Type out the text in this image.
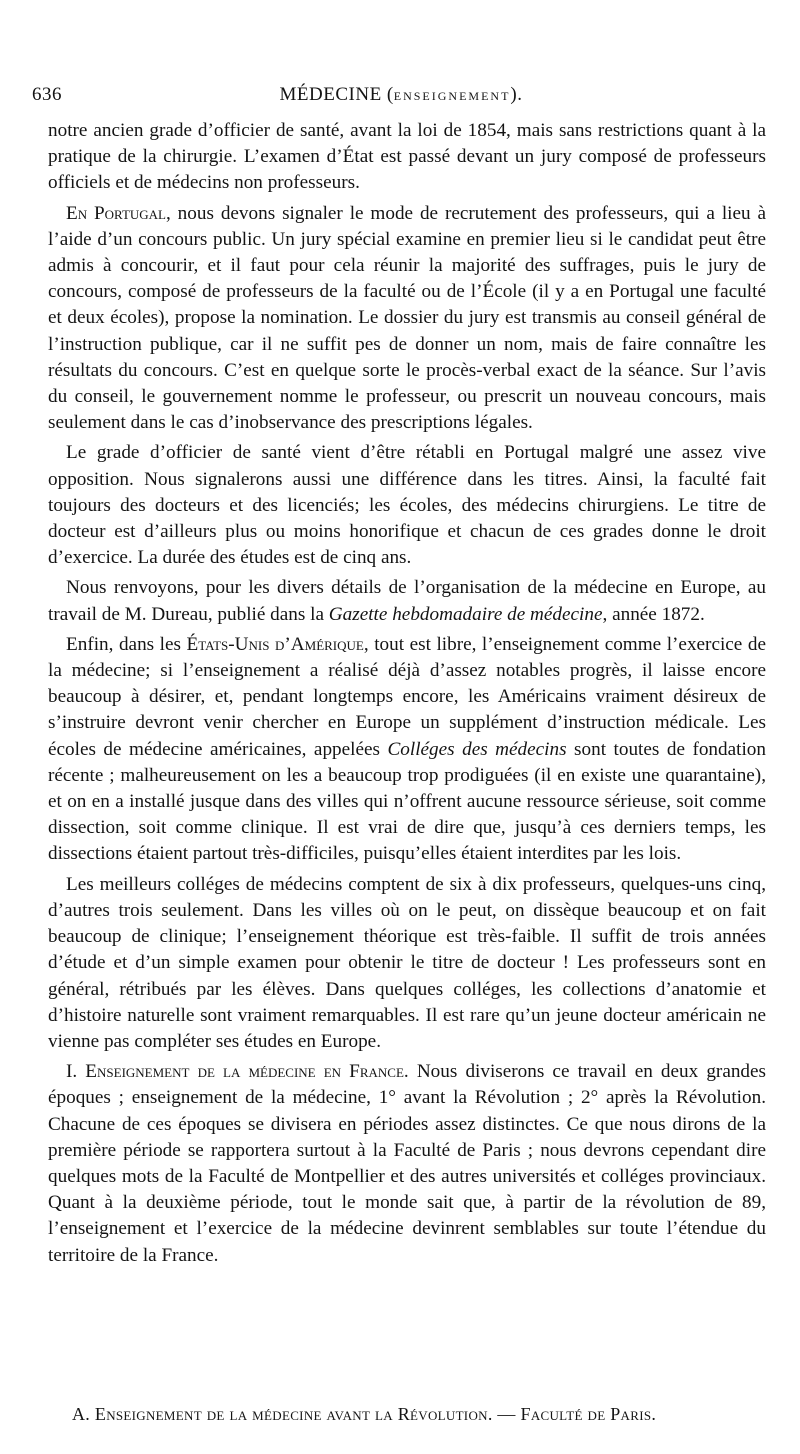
636	MÉDECINE (ENSEIGNEMENT).

notre ancien grade d’officier de santé, avant la loi de 1854, mais sans restrictions quant à la pratique de la chirurgie. L’examen d’État est passé devant un jury composé de professeurs officiels et de médecins non professeurs.

En Portugal, nous devons signaler le mode de recrutement des professeurs, qui a lieu à l’aide d’un concours public. Un jury spécial examine en premier lieu si le candidat peut être admis à concourir, et il faut pour cela réunir la majorité des suffrages, puis le jury de concours, composé de professeurs de la faculté ou de l’École (il y a en Portugal une faculté et deux écoles), propose la nomination. Le dossier du jury est transmis au conseil général de l’instruction publique, car il ne suffit pes de donner un nom, mais de faire connaître les résultats du concours. C’est en quelque sorte le procès-verbal exact de la séance. Sur l’avis du conseil, le gouvernement nomme le professeur, ou prescrit un nouveau concours, mais seulement dans le cas d’inobservance des prescriptions légales.

Le grade d’officier de santé vient d’être rétabli en Portugal malgré une assez vive opposition. Nous signalerons aussi une différence dans les titres. Ainsi, la faculté fait toujours des docteurs et des licenciés; les écoles, des médecins chirurgiens. Le titre de docteur est d’ailleurs plus ou moins honorifique et chacun de ces grades donne le droit d’exercice. La durée des études est de cinq ans.

Nous renvoyons, pour les divers détails de l’organisation de la médecine en Europe, au travail de M. Dureau, publié dans la Gazette hebdomadaire de médecine, année 1872.

Enfin, dans les États-Unis d’Amérique, tout est libre, l’enseignement comme l’exercice de la médecine; si l’enseignement a réalisé déjà d’assez notables progrès, il laisse encore beaucoup à désirer, et, pendant longtemps encore, les Américains vraiment désireux de s’instruire devront venir chercher en Europe un supplément d’instruction médicale. Les écoles de médecine américaines, appelées Colléges des médecins sont toutes de fondation récente ; malheureusement on les a beaucoup trop prodiguées (il en existe une quarantaine), et on en a installé jusque dans des villes qui n’offrent aucune ressource sérieuse, soit comme dissection, soit comme clinique. Il est vrai de dire que, jusqu’à ces derniers temps, les dissections étaient partout très-difficiles, puisqu’elles étaient interdites par les lois.

Les meilleurs colléges de médecins comptent de six à dix professeurs, quelques-uns cinq, d’autres trois seulement. Dans les villes où on le peut, on dissèque beaucoup et on fait beaucoup de clinique; l’enseignement théorique est très-faible. Il suffit de trois années d’étude et d’un simple examen pour obtenir le titre de docteur ! Les professeurs sont en général, rétribués par les élèves. Dans quelques colléges, les collections d’anatomie et d’histoire naturelle sont vraiment remarquables. Il est rare qu’un jeune docteur américain ne vienne pas compléter ses études en Europe.

I. Enseignement de la médecine en France. Nous diviserons ce travail en deux grandes époques ; enseignement de la médecine, 1° avant la Révolution ; 2° après la Révolution. Chacune de ces époques se divisera en périodes assez distinctes. Ce que nous dirons de la première période se rapportera surtout à la Faculté de Paris ; nous devrons cependant dire quelques mots de la Faculté de Montpellier et des autres universités et colléges provinciaux. Quant à la deuxième période, tout le monde sait que, à partir de la révolution de 89, l’enseignement et l’exercice de la médecine devinrent semblables sur toute l’étendue du territoire de la France.

A. Enseignement de la médecine avant la Révolution. — Faculté de Paris.
